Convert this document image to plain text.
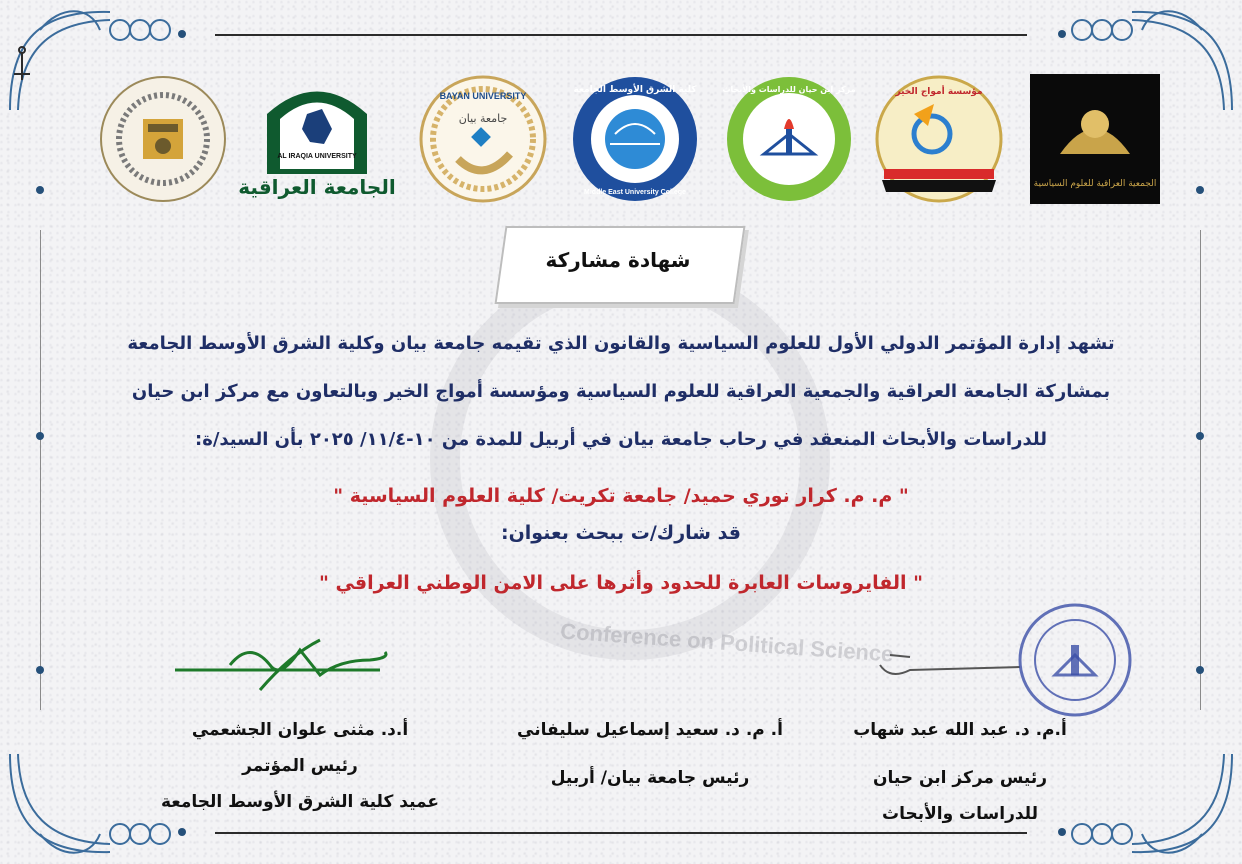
Conference on Political Science
AL IRAQIA UNIVERSITY
الجامعة العراقية
BAYAN UNIVERSITY
جامعة بيان
كلية الشرق الأوسط الجامعة
Middle East University College
مركز ابن حيان للدراسات والأبحاث	مؤسسة أمواج الخير
الجمعية العراقية للعلوم السياسية
شهادة مشاركة

تشهد إدارة المؤتمر الدولي الأول للعلوم السياسية والقانون الذي تقيمه جامعة بيان وكلية الشرق الأوسط الجامعة

بمشاركة الجامعة العراقية والجمعية العراقية للعلوم السياسية ومؤسسة أمواج الخير وبالتعاون مع مركز ابن حيان

للدراسات والأبحاث المنعقد في رحاب جامعة بيان في أربيل للمدة من ١٠-١١/٤/ ٢٠٢٥ بأن السيد/ة:

" م. م. كرار نوري حميد/ جامعة تكريت/ كلية العلوم السياسية "
قد شارك/ت ببحث بعنوان:
" الفايروسات العابرة للحدود وأثرها على الامن الوطني العراقي "
أ.م. د. عبد الله عبد شهاب
رئيس مركز ابن حيان
للدراسات والأبحاث
أ. م. د. سعيد إسماعيل سليفاني
رئيس جامعة بيان/ أربيل
أ.د. مثنى علوان الجشعمي
رئيس المؤتمر
عميد كلية الشرق الأوسط الجامعة
